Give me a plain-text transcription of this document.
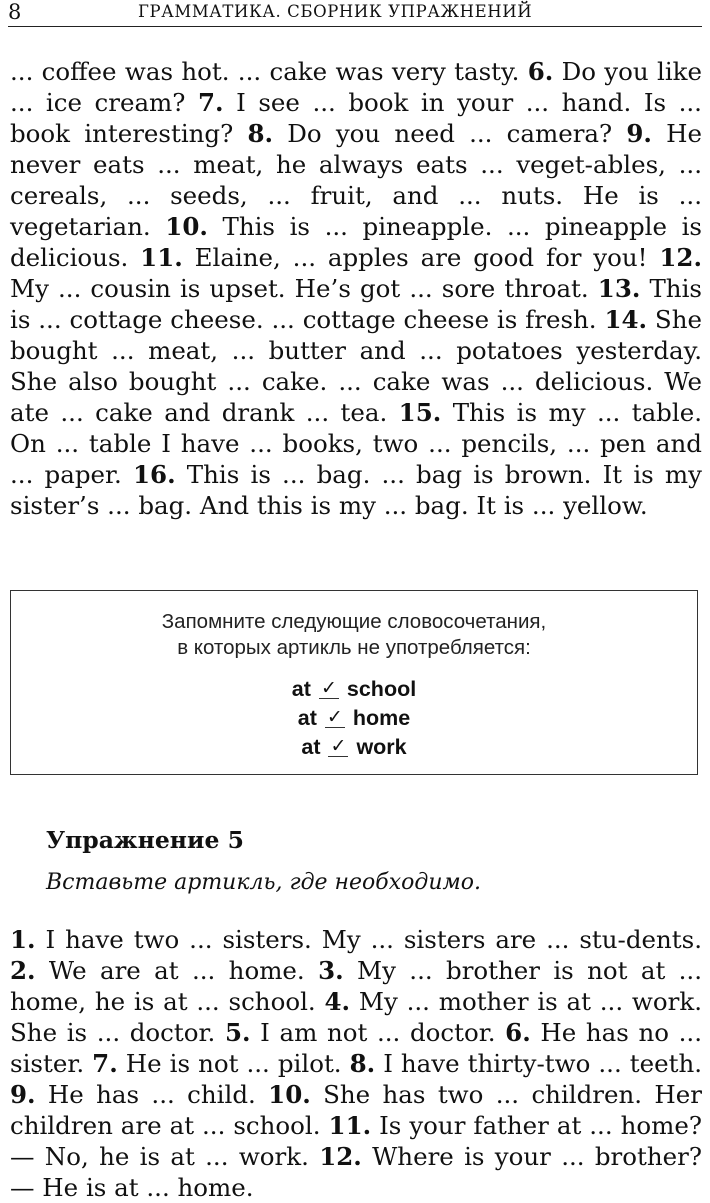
8	ГРАММАТИКА. СБОРНИК УПРАЖНЕНИЙ

... coffee was hot. ... cake was very tasty. 6. Do you like ... ice cream? 7. I see ... book in your ... hand. Is ... book interesting? 8. Do you need ... camera? 9. He never eats ... meat, he always eats ... veget-ables, ... cereals, ... seeds, ... fruit, and ... nuts. He is ... vegetarian. 10. This is ... pineapple. ... pineapple is delicious. 11. Elaine, ... apples are good for you! 12. My ... cousin is upset. He’s got ... sore throat. 13. This is ... cottage cheese. ... cottage cheese is fresh. 14. She bought ... meat, ... butter and ... potatoes yesterday. She also bought ... cake. ... cake was ... delicious. We ate ... cake and drank ... tea. 15. This is my ... table. On ... table I have ... books, two ... pencils, ... pen and ... paper. 16. This is ... bag. ... bag is brown. It is my sister’s ... bag. And this is my ... bag. It is ... yellow.

Запомните следующие словосочетания,
в которых артикль не употребляется:
at ✓ school
at ✓ home
at ✓ work
Упражнение 5

Вставьте артикль, где необходимо.

1. I have two ... sisters. My ... sisters are ... stu-dents. 2. We are at ... home. 3. My ... brother is not at ... home, he is at ... school. 4. My ... mother is at ... work. She is ... doctor. 5. I am not ... doctor. 6. He has no ... sister. 7. He is not ... pilot. 8. I have thirty-two ... teeth. 9. He has ... child. 10. She has two ... children. Her children are at ... school. 11. Is your father at ... home? — No, he is at ... work. 12. Where is your ... brother? — He is at ... home.
